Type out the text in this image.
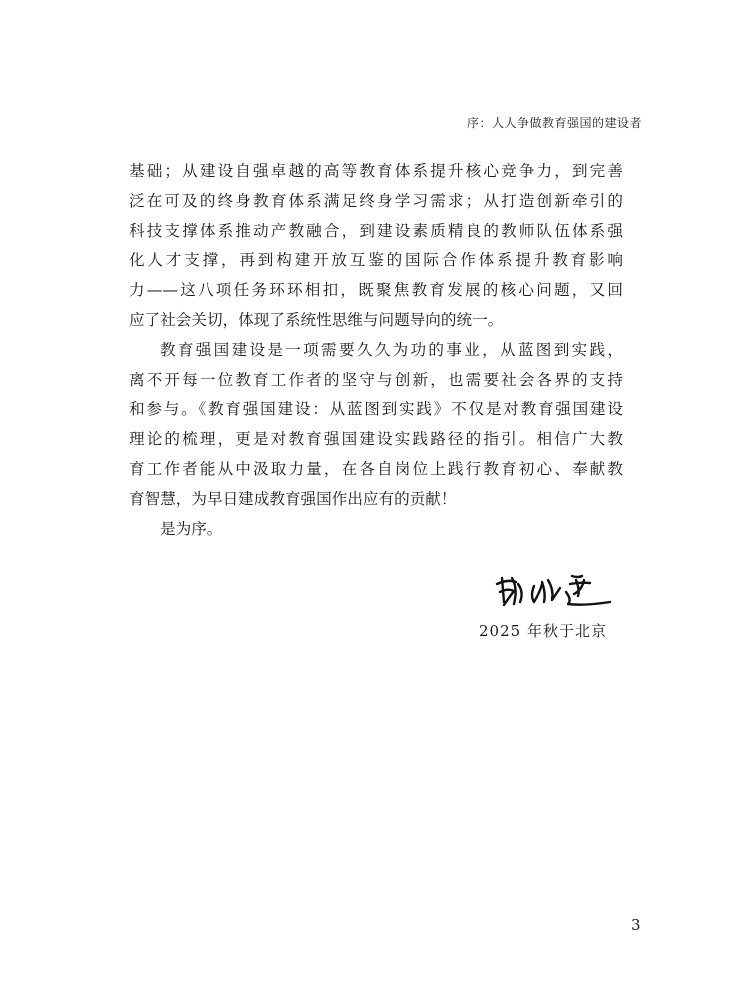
序：人人争做教育强国的建设者
基础；从建设自强卓越的高等教育体系提升核心竞争力，到完善
泛在可及的终身教育体系满足终身学习需求；从打造创新牵引的
科技支撑体系推动产教融合，到建设素质精良的教师队伍体系强
化人才支撑，再到构建开放互鉴的国际合作体系提升教育影响
力——这八项任务环环相扣，既聚焦教育发展的核心问题，又回
应了社会关切，体现了系统性思维与问题导向的统一。
教育强国建设是一项需要久久为功的事业，从蓝图到实践，
离不开每一位教育工作者的坚守与创新，也需要社会各界的支持
和参与。《教育强国建设：从蓝图到实践》不仅是对教育强国建设
理论的梳理，更是对教育强国建设实践路径的指引。相信广大教
育工作者能从中汲取力量，在各自岗位上践行教育初心、奉献教
育智慧，为早日建成教育强国作出应有的贡献！
是为序。
2025 年秋于北京
3
